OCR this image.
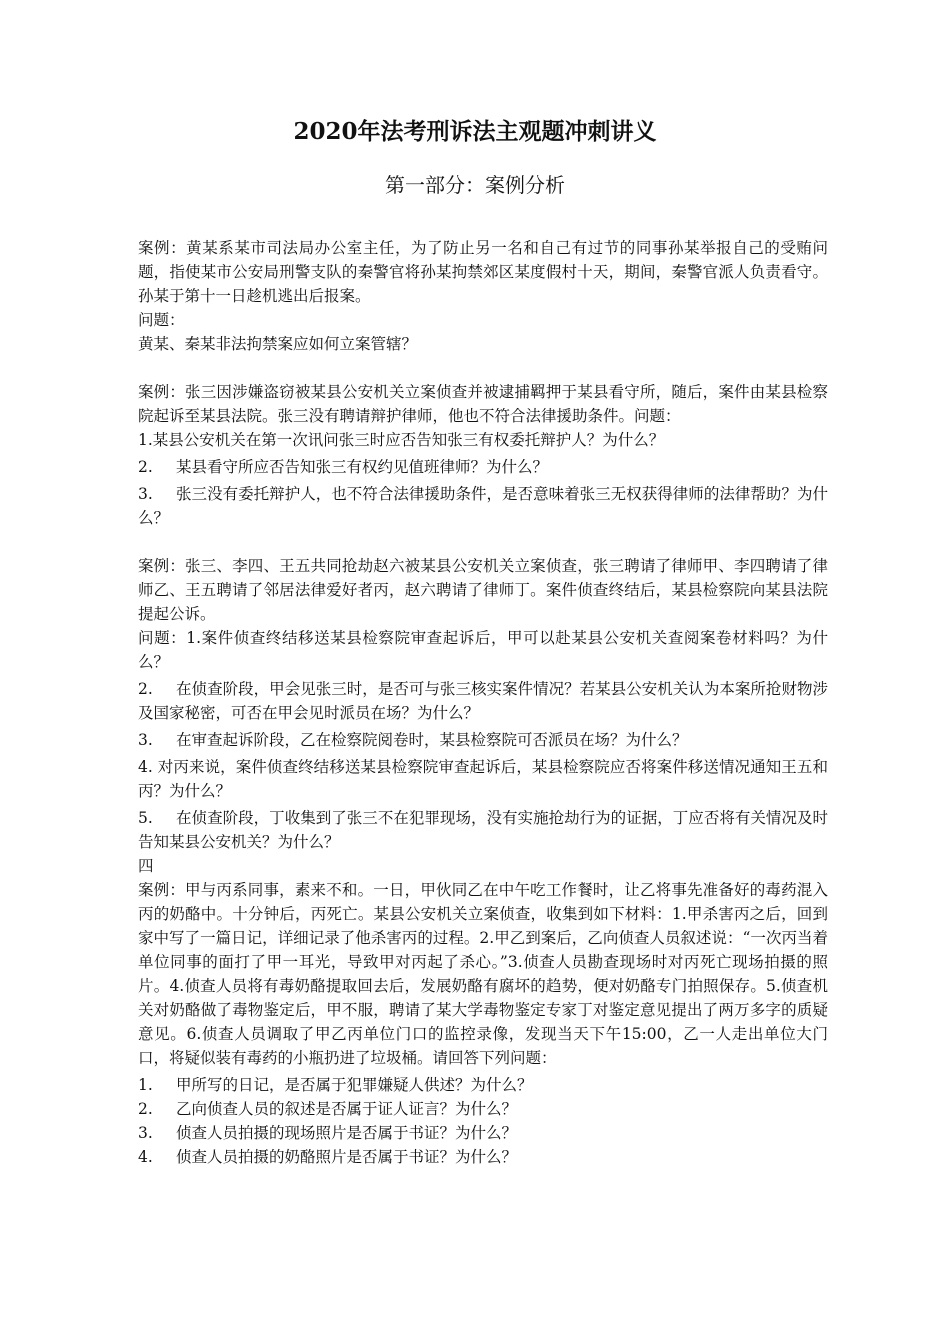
2020年法考刑诉法主观题冲刺讲义
第一部分：案例分析

案例：黄某系某市司法局办公室主任，为了防止另一名和自己有过节的同事孙某举报自己的受贿问题，指使某市公安局刑警支队的秦警官将孙某拘禁郊区某度假村十天，期间，秦警官派人负责看守。孙某于第十一日趁机逃出后报案。

问题：

黄某、秦某非法拘禁案应如何立案管辖？

案例：张三因涉嫌盗窃被某县公安机关立案侦查并被逮捕羁押于某县看守所，随后，案件由某县检察院起诉至某县法院。张三没有聘请辩护律师，他也不符合法律援助条件。问题：

1.某县公安机关在第一次讯问张三时应否告知张三有权委托辩护人？为什么？

2. 某县看守所应否告知张三有权约见值班律师？为什么？

3. 张三没有委托辩护人，也不符合法律援助条件，是否意味着张三无权获得律师的法律帮助？为什么？

案例：张三、李四、王五共同抢劫赵六被某县公安机关立案侦查，张三聘请了律师甲、李四聘请了律师乙、王五聘请了邻居法律爱好者丙，赵六聘请了律师丁。案件侦查终结后，某县检察院向某县法院提起公诉。

问题：1.案件侦查终结移送某县检察院审查起诉后，甲可以赴某县公安机关查阅案卷材料吗？为什么？

2. 在侦查阶段，甲会见张三时，是否可与张三核实案件情况？若某县公安机关认为本案所抢财物涉及国家秘密，可否在甲会见时派员在场？为什么？

3. 在审查起诉阶段，乙在检察院阅卷时，某县检察院可否派员在场？为什么？

4. 对丙来说，案件侦查终结移送某县检察院审查起诉后，某县检察院应否将案件移送情况通知王五和丙？为什么？

5. 在侦查阶段，丁收集到了张三不在犯罪现场，没有实施抢劫行为的证据，丁应否将有关情况及时告知某县公安机关？为什么？

四

案例：甲与丙系同事，素来不和。一日，甲伙同乙在中午吃工作餐时，让乙将事先准备好的毒药混入丙的奶酪中。十分钟后，丙死亡。某县公安机关立案侦查，收集到如下材料：1.甲杀害丙之后，回到家中写了一篇日记，详细记录了他杀害丙的过程。2.甲乙到案后，乙向侦查人员叙述说：“一次丙当着单位同事的面打了甲一耳光，导致甲对丙起了杀心。”3.侦查人员勘查现场时对丙死亡现场拍摄的照片。4.侦查人员将有毒奶酪提取回去后，发展奶酪有腐坏的趋势，便对奶酪专门拍照保存。5.侦查机关对奶酪做了毒物鉴定后，甲不服，聘请了某大学毒物鉴定专家丁对鉴定意见提出了两万多字的质疑意见。6.侦查人员调取了甲乙丙单位门口的监控录像，发现当天下午15:00，乙一人走出单位大门口，将疑似装有毒药的小瓶扔进了垃圾桶。请回答下列问题：

1. 甲所写的日记，是否属于犯罪嫌疑人供述？为什么？

2. 乙向侦查人员的叙述是否属于证人证言？为什么？

3. 侦查人员拍摄的现场照片是否属于书证？为什么？

4. 侦查人员拍摄的奶酪照片是否属于书证？为什么？
